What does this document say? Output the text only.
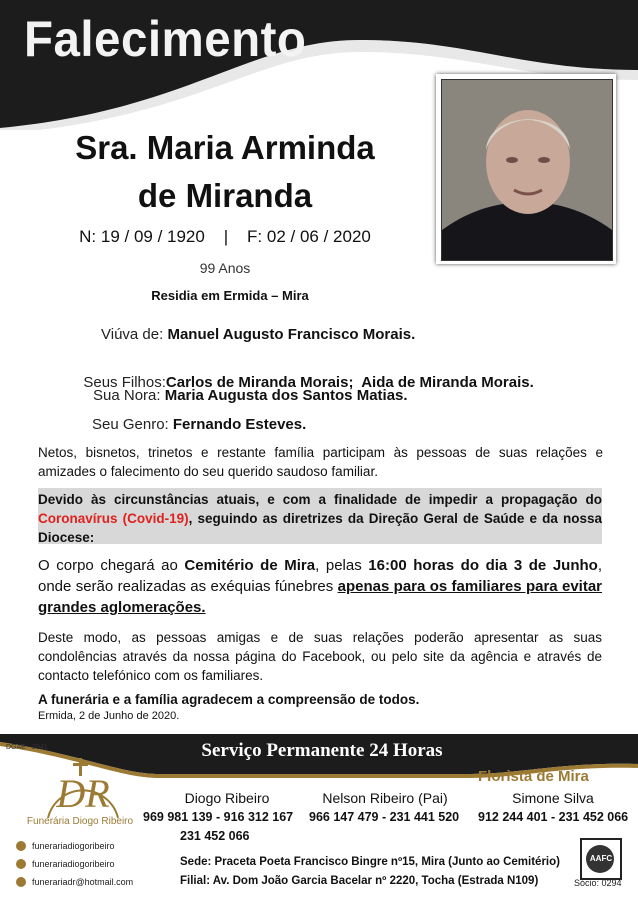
Falecimento
Sra. Maria Arminda
de Miranda
N: 19 / 09 / 1920    |    F: 02 / 06 / 2020
99 Anos
Residia em Ermida – Mira
Viúva de: Manuel Augusto Francisco Morais.

Seus Filhos:Carlos de Miranda Morais;  Aida de Miranda Morais.

Sua Nora: Maria Augusta dos Santos Matias.
Seu Genro: Fernando Esteves.
Netos, bisnetos, trinetos e restante família participam às pessoas de suas relações e amizades o falecimento do seu querido saudoso familiar.
Devido às circunstâncias atuais, e com a finalidade de impedir a propagação do Coronavírus (Covid-19), seguindo as diretrizes da Direção Geral de Saúde e da nossa Diocese:
O corpo chegará ao Cemitério de Mira, pelas 16:00 horas do dia 3 de Junho, onde serão realizadas as exéquias fúnebres apenas para os familiares para evitar grandes aglomerações.
Deste modo, as pessoas amigas e de suas relações poderão apresentar as suas condolências através da nossa página do Facebook, ou pelo site da agência e através de contacto telefónico com os familiares.
A funerária e a família agradecem a compreensão de todos.
Ermida, 2 de Junho de 2020.
DGAE - 2941	Serviço Permanente 24 Horas
DR
Funerária Diogo Ribeiro
Florista de Mira
Diogo Ribeiro
969 981 139 - 916 312 167
231 452 066
Nelson Ribeiro (Pai)
966 147 479 - 231 441 520
Simone Silva
912 244 401 - 231 452 066
funerariadiogoribeiro
funerariadiogoribeiro
funerariadr@hotmail.com
Sede: Praceta Poeta Francisco Bingre nº15, Mira (Junto ao Cemitério)
Filial: Av. Dom João Garcia Bacelar nº 2220, Tocha (Estrada N109)
AAFC
Sócio: 0294
